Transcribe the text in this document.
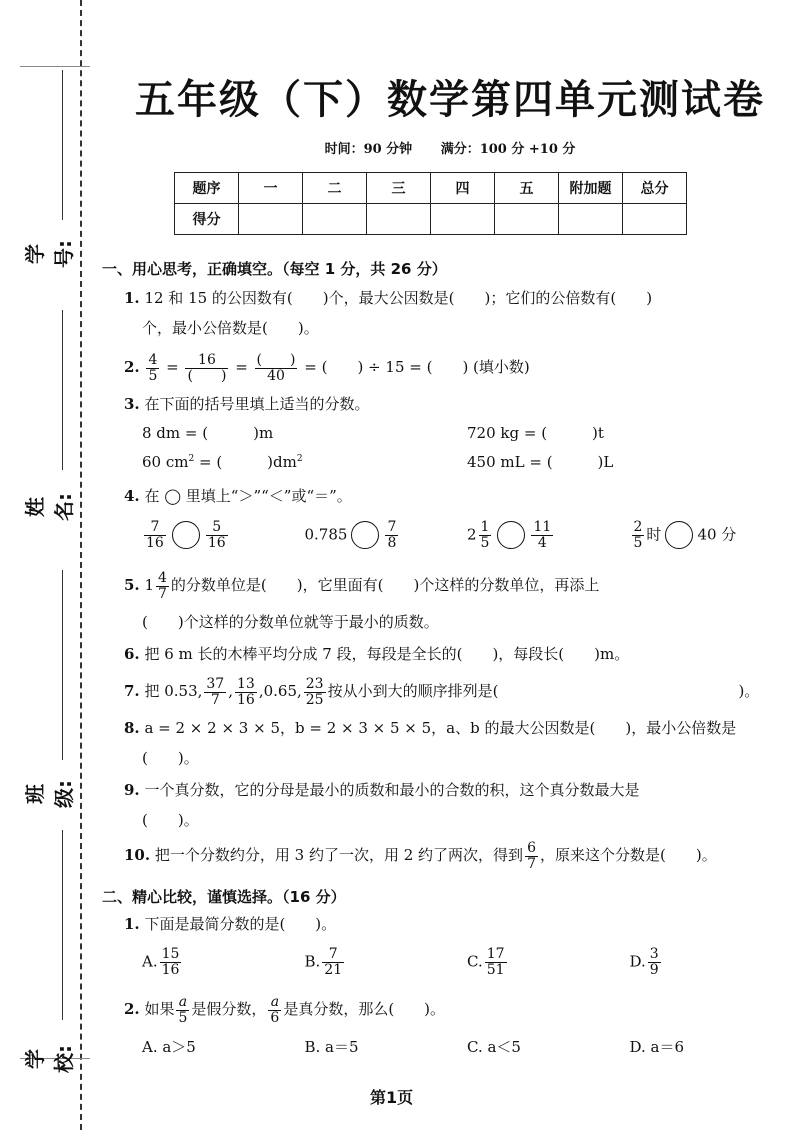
学号:
姓名:
班级:
学校:
五年级（下）数学第四单元测试卷
时间：90 分钟 满分：100 分 +10 分
题序	一	二	三	四	五	附加题	总分
得分							
一、用心思考，正确填空。（每空 1 分，共 26 分）
1. 12 和 15 的公因数有(　　)个，最大公因数是(　　)；它们的公倍数有(　　)
个，最小公倍数是(　　)。
2. $\frac{4}{5} = \frac{16}{( )} = \frac{( )}{40}$ = (　　) ÷ 15 = (　　) (填小数)
3. 在下面的括号里填上适当的分数。
8 dm = (　　　)m	720 kg = (　　　)t
60 $cm^2$ = (　　　)$dm^2$	450 mL = (　　　)L
4. 在 ◯ 里填上“＞”“＜”或“＝”。
$\frac{7}{16}$	$\frac{5}{16}$	0.785	$\frac{7}{8}$	$2 \frac{1}{5}$	$\frac{11}{4}$	$\frac{2}{5}$ 时 40 分
5. $1 \frac{4}{7}$ 的分数单位是(　　)，它里面有(　　)个这样的分数单位，再添上
(　　)个这样的分数单位就等于最小的质数。
6. 把 6 m 长的木棒平均分成 7 段，每段是全长的(　　)，每段长(　　)m。
7. 把 0.53, $\frac{37}{7}$ , $\frac{13}{16} ,0.65$, $\frac{23}{25}$ 按从小到大的顺序排列是(　　　　　　　　　　　　　　　　)。
8. a = 2 × 2 × 3 × 5，b = 2 × 3 × 5 × 5，a、b 的最大公因数是(　　)，最小公倍数是
(　　)。
9. 一个真分数，它的分母是最小的质数和最小的合数的积，这个真分数最大是
(　　)。
10. 把一个分数约分，用 3 约了一次，用 2 约了两次，得到 $\frac{6}{7}$ ，原来这个分数是(　　)。
二、精心比较，谨慎选择。（16 分）
1. 下面是最简分数的是(　　)。
A. $\frac{15}{16}$	B. $\frac{7}{21}$	C. $\frac{17}{51}$	D. $\frac{3}{9}$
2. 如果 $\frac{a}{5}$ 是假分数， $\frac{a}{6}$ 是真分数，那么(　　)。
A. a＞5	B. a＝5	C. a＜5	D. a＝6
第1页
